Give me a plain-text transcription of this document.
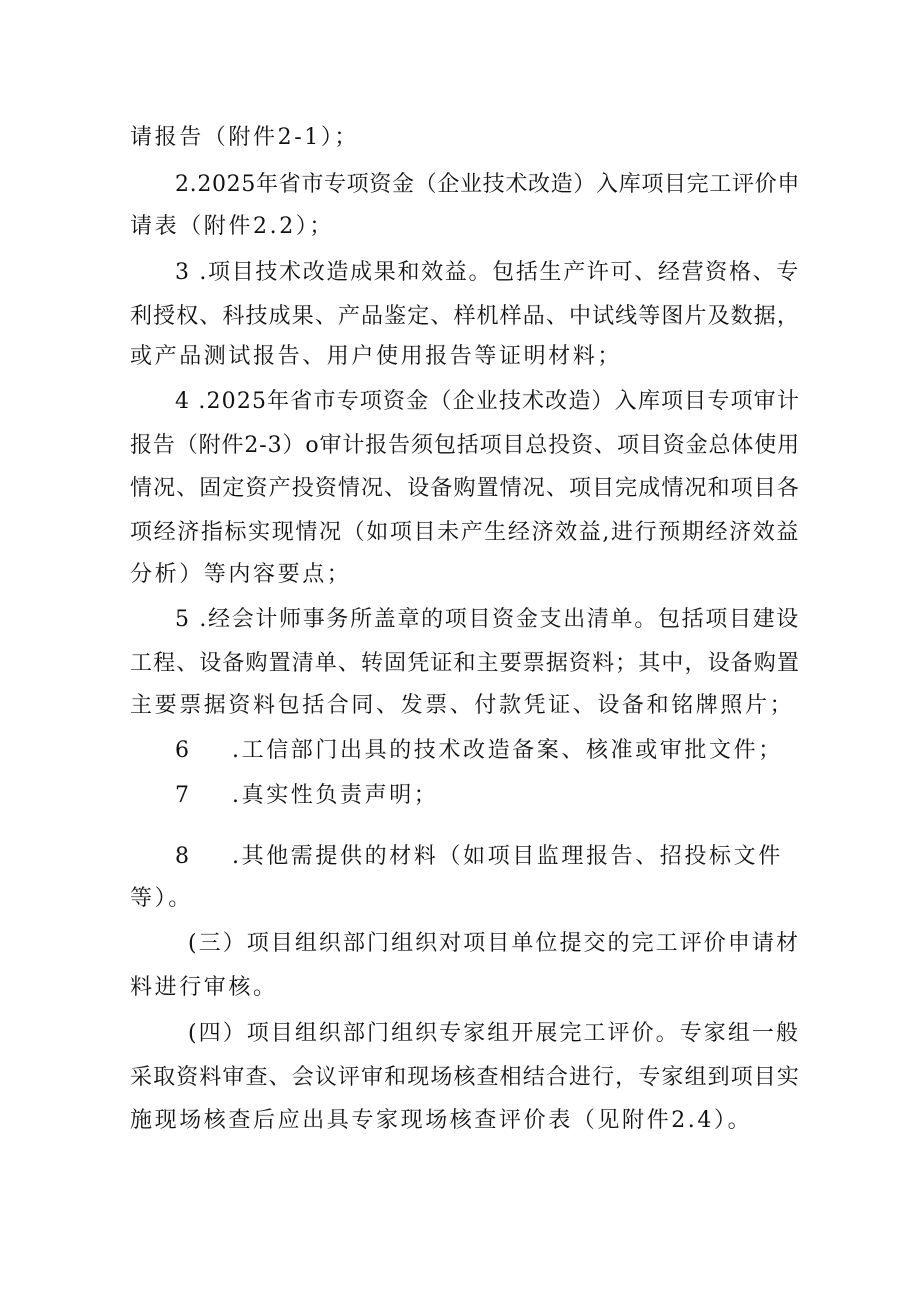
请报告（附件2-1）；
2.2025年省市专项资金（企业技术改造）入库项目完工评价申
请表（附件2.2）；
3 .项目技术改造成果和效益。包括生产许可、经营资格、专
利授权、科技成果、产品鉴定、样机样品、中试线等图片及数据，
或产品测试报告、用户使用报告等证明材料；
4 .2025年省市专项资金（企业技术改造）入库项目专项审计
报告（附件2-3）o审计报告须包括项目总投资、项目资金总体使用
情况、固定资产投资情况、设备购置情况、项目完成情况和项目各
项经济指标实现情况（如项目未产生经济效益,进行预期经济效益
分析）等内容要点；
5 .经会计师事务所盖章的项目资金支出清单。包括项目建设
工程、设备购置清单、转固凭证和主要票据资料；其中，设备购置
主要票据资料包括合同、发票、付款凭证、设备和铭牌照片；
6 .工信部门出具的技术改造备案、核准或审批文件；
7 .真实性负责声明；
8 .其他需提供的材料（如项目监理报告、招投标文件
等）。
(三）项目组织部门组织对项目单位提交的完工评价申请材
料进行审核。
(四）项目组织部门组织专家组开展完工评价。专家组一般
采取资料审查、会议评审和现场核查相结合进行，专家组到项目实
施现场核查后应出具专家现场核查评价表（见附件2.4）。
